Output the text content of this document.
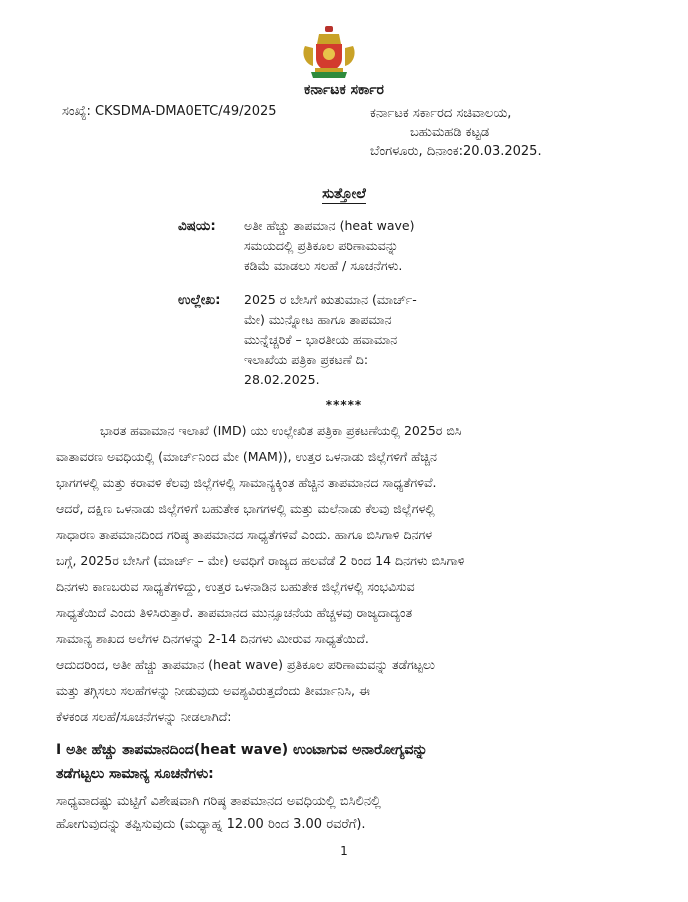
ಕರ್ನಾಟಕ ಸರ್ಕಾರ
ಸಂಖ್ಯೆ: CKSDMA-DMA0ETC/49/2025	ಕರ್ನಾಟಕ ಸರ್ಕಾರದ ಸಚಿವಾಲಯ,
ಬಹುಮಹಡಿ ಕಟ್ಟಡ
ಬೆಂಗಳೂರು, ದಿನಾಂಕ:20.03.2025.
ಸುತ್ತೋಲೆ
ವಿಷಯ: ಅತೀ ಹೆಚ್ಚು ತಾಪಮಾನ (heat wave)
ಸಮಯದಲ್ಲಿ ಪ್ರತಿಕೂಲ ಪರಿಣಾಮವನ್ನು
ಕಡಿಮೆ ಮಾಡಲು ಸಲಹೆ / ಸೂಚನೆಗಳು.
ಉಲ್ಲೇಖ: 2025 ರ ಬೇಸಿಗೆ ಋತುಮಾನ (ಮಾರ್ಚ್-
ಮೇ) ಮುನ್ನೋಟ ಹಾಗೂ ತಾಪಮಾನ
ಮುನ್ನೆಚ್ಚರಿಕೆ – ಭಾರತೀಯ ಹವಾಮಾನ
ಇಲಾಖೆಯ ಪತ್ರಿಕಾ ಪ್ರಕಟಣೆ ದಿ:
28.02.2025.
*****
ಭಾರತ ಹವಾಮಾನ ಇಲಾಖೆ (IMD) ಯು ಉಲ್ಲೇಖಿತ ಪತ್ರಿಕಾ ಪ್ರಕಟಣೆಯಲ್ಲಿ 2025ರ ಬಿಸಿ
ವಾತಾವರಣ ಅವಧಿಯಲ್ಲಿ (ಮಾರ್ಚ್‌ನಿಂದ ಮೇ (MAM)), ಉತ್ತರ ಒಳನಾಡು ಜಿಲ್ಲೆಗಳಿಗೆ ಹೆಚ್ಚಿನ
ಭಾಗಗಳಲ್ಲಿ ಮತ್ತು ಕರಾವಳಿ ಕೆಲವು ಜಿಲ್ಲೆಗಳಲ್ಲಿ ಸಾಮಾನ್ಯಕ್ಕಿಂತ ಹೆಚ್ಚಿನ ತಾಪಮಾನದ ಸಾಧ್ಯತೆಗಳಿವೆ.
ಆದರೆ, ದಕ್ಷಿಣ ಒಳನಾಡು ಜಿಲ್ಲೆಗಳಿಗೆ ಬಹುತೇಕ ಭಾಗಗಳಲ್ಲಿ ಮತ್ತು ಮಲೆನಾಡು ಕೆಲವು ಜಿಲ್ಲೆಗಳಲ್ಲಿ
ಸಾಧಾರಣ ತಾಪಮಾನದಿಂದ ಗರಿಷ್ಠ ತಾಪಮಾನದ ಸಾಧ್ಯತೆಗಳಿವೆ ಎಂದು. ಹಾಗೂ ಬಿಸಿಗಾಳಿ ದಿನಗಳ
ಬಗ್ಗೆ, 2025ರ ಬೇಸಿಗೆ (ಮಾರ್ಚ್ – ಮೇ) ಅವಧಿಗೆ ರಾಜ್ಯದ ಹಲವೆಡೆ 2 ರಿಂದ 14 ದಿನಗಳು ಬಿಸಿಗಾಳಿ
ದಿನಗಳು ಕಾಣಬರುವ ಸಾಧ್ಯತೆಗಳಿದ್ದು, ಉತ್ತರ ಒಳನಾಡಿನ ಬಹುತೇಕ ಜಿಲ್ಲೆಗಳಲ್ಲಿ ಸಂಭವಿಸುವ
ಸಾಧ್ಯತೆಯಿದೆ ಎಂದು ತಿಳಿಸಿರುತ್ತಾರೆ. ತಾಪಮಾನದ ಮುನ್ಸೂಚನೆಯ ಹೆಚ್ಚಳವು ರಾಜ್ಯದಾದ್ಯಂತ
ಸಾಮಾನ್ಯ ಶಾಖದ ಅಲೆಗಳ ದಿನಗಳನ್ನು 2-14 ದಿನಗಳು ಮೀರುವ ಸಾಧ್ಯತೆಯಿದೆ.
ಆದುದರಿಂದ, ಅತೀ ಹೆಚ್ಚು ತಾಪಮಾನ (heat wave) ಪ್ರತಿಕೂಲ ಪರಿಣಾಮವನ್ನು ತಡೆಗಟ್ಟಲು
ಮತ್ತು ತಗ್ಗಿಸಲು ಸಲಹೆಗಳನ್ನು ನೀಡುವುದು ಅವಶ್ಯವಿರುತ್ತದೆಂದು ತೀರ್ಮಾನಿಸಿ, ಈ
ಕೆಳಕಂಡ ಸಲಹೆ/ಸೂಚನೆಗಳನ್ನು ನೀಡಲಾಗಿದೆ:
I ಅತೀ ಹೆಚ್ಚು ತಾಪಮಾನದಿಂದ(heat wave) ಉಂಟಾಗುವ ಅನಾರೋಗ್ಯವನ್ನು
ತಡೆಗಟ್ಟಲು ಸಾಮಾನ್ಯ ಸೂಚನೆಗಳು:
ಸಾಧ್ಯವಾದಷ್ಟು ಮಟ್ಟಿಗೆ ವಿಶೇಷವಾಗಿ ಗರಿಷ್ಠ ತಾಪಮಾನದ ಅವಧಿಯಲ್ಲಿ ಬಿಸಿಲಿನಲ್ಲಿ
ಹೋಗುವುದನ್ನು ತಪ್ಪಿಸುವುದು (ಮಧ್ಯಾಹ್ನ 12.00 ರಿಂದ 3.00 ರವರೆಗೆ).
1
